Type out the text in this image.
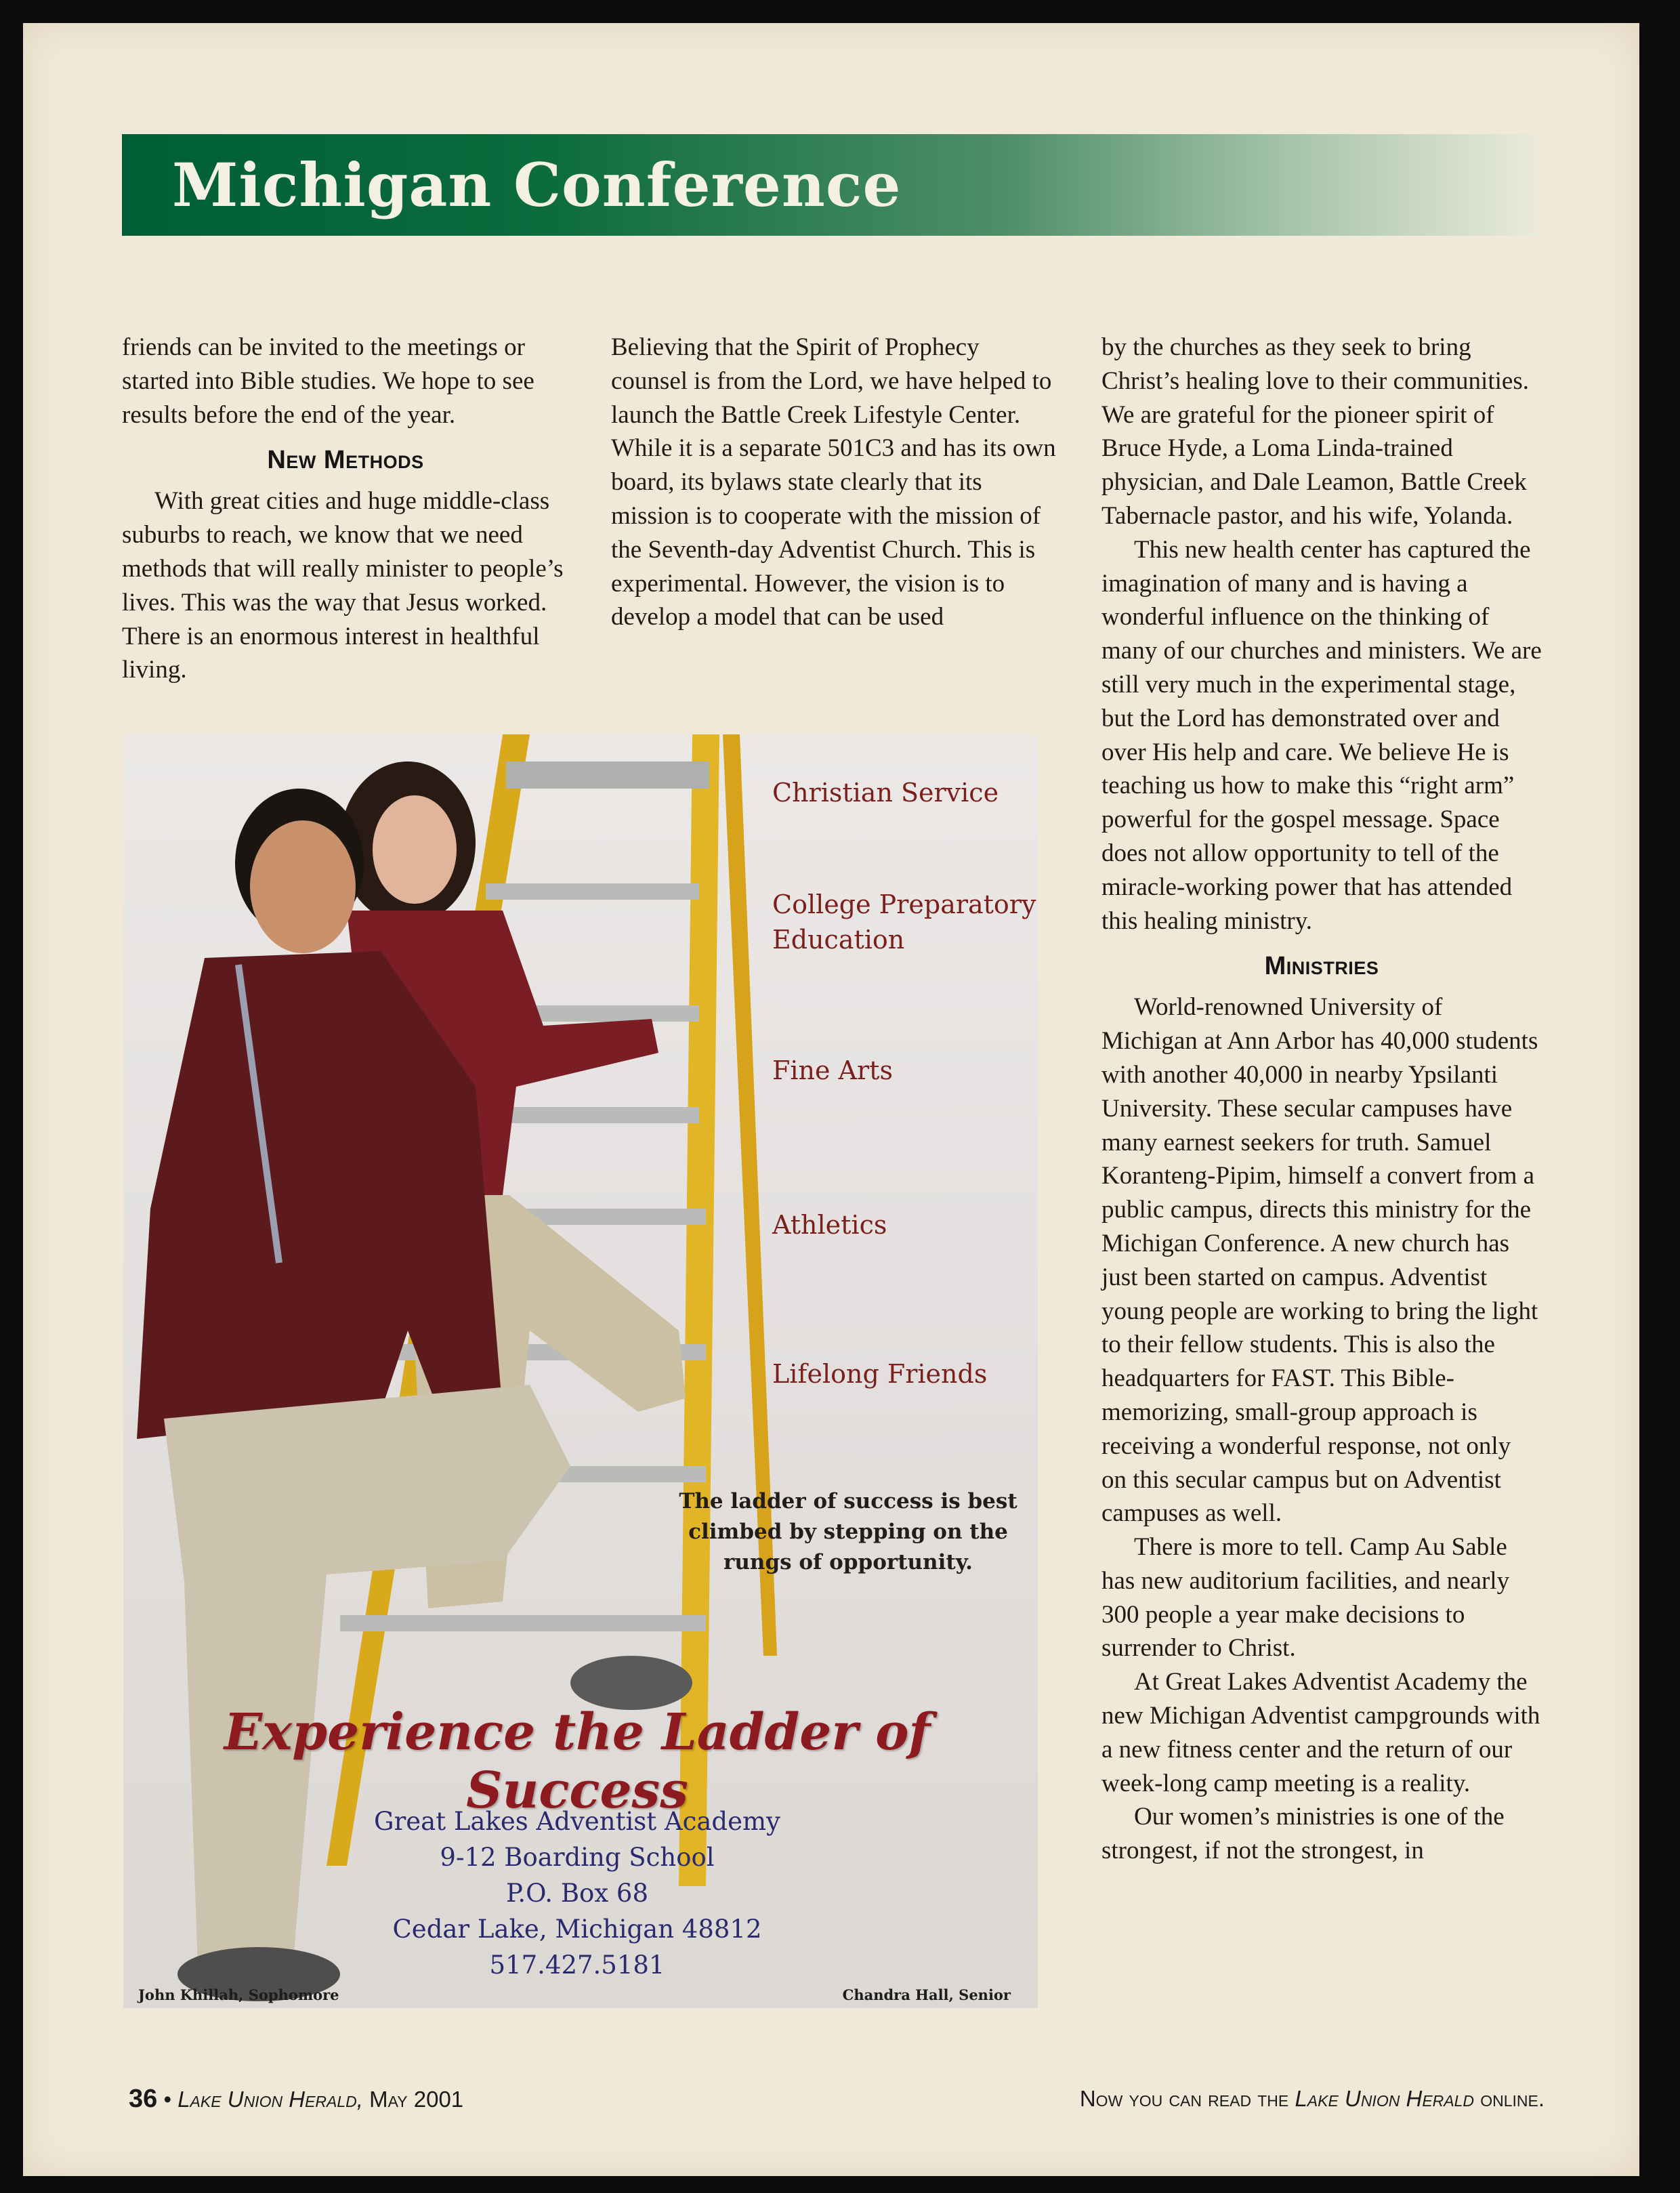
Michigan Conference

friends can be invited to the meetings or started into Bible studies. We hope to see results before the end of the year.

New Methods

With great cities and huge middle-class suburbs to reach, we know that we need methods that will really minister to people’s lives. This was the way that Jesus worked. There is an enormous interest in healthful living.

Believing that the Spirit of Prophecy counsel is from the Lord, we have helped to launch the Battle Creek Lifestyle Center. While it is a separate 501C3 and has its own board, its bylaws state clearly that its mission is to cooperate with the mission of the Seventh-day Adventist Church. This is experimental. However, the vision is to develop a model that can be used

by the churches as they seek to bring Christ’s healing love to their communities. We are grateful for the pioneer spirit of Bruce Hyde, a Loma Linda-trained physician, and Dale Leamon, Battle Creek Tabernacle pastor, and his wife, Yolanda.

This new health center has captured the imagination of many and is having a wonderful influence on the thinking of many of our churches and ministers. We are still very much in the experimental stage, but the Lord has demonstrated over and over His help and care. We believe He is teaching us how to make this “right arm” powerful for the gospel message. Space does not allow opportunity to tell of the miracle-working power that has attended this healing ministry.

Ministries

World-renowned University of Michigan at Ann Arbor has 40,000 students with another 40,000 in nearby Ypsilanti University. These secular campuses have many earnest seekers for truth. Samuel Koranteng-Pipim, himself a convert from a public campus, directs this ministry for the Michigan Conference. A new church has just been started on campus. Adventist young people are working to bring the light to their fellow students. This is also the headquarters for FAST. This Bible-memorizing, small-group approach is receiving a wonderful response, not only on this secular campus but on Adventist campuses as well.

There is more to tell. Camp Au Sable has new auditorium facilities, and nearly 300 people a year make decisions to surrender to Christ.

At Great Lakes Adventist Academy the new Michigan Adventist campgrounds with a new fitness center and the return of our week-long camp meeting is a reality.

Our women’s ministries is one of the strongest, if not the strongest, in

Christian Service
College Preparatory
Education
Fine Arts
Athletics
Lifelong Friends
The ladder of success is best
climbed by stepping on the
rungs of opportunity.
Experience the Ladder of Success
Great Lakes Adventist Academy
9-12 Boarding School
P.O. Box 68
Cedar Lake, Michigan 48812
517.427.5181
John Khillah, Sophomore	Chandra Hall, Senior
36 • Lake Union Herald, May 2001	Now you can read the Lake Union Herald online.
